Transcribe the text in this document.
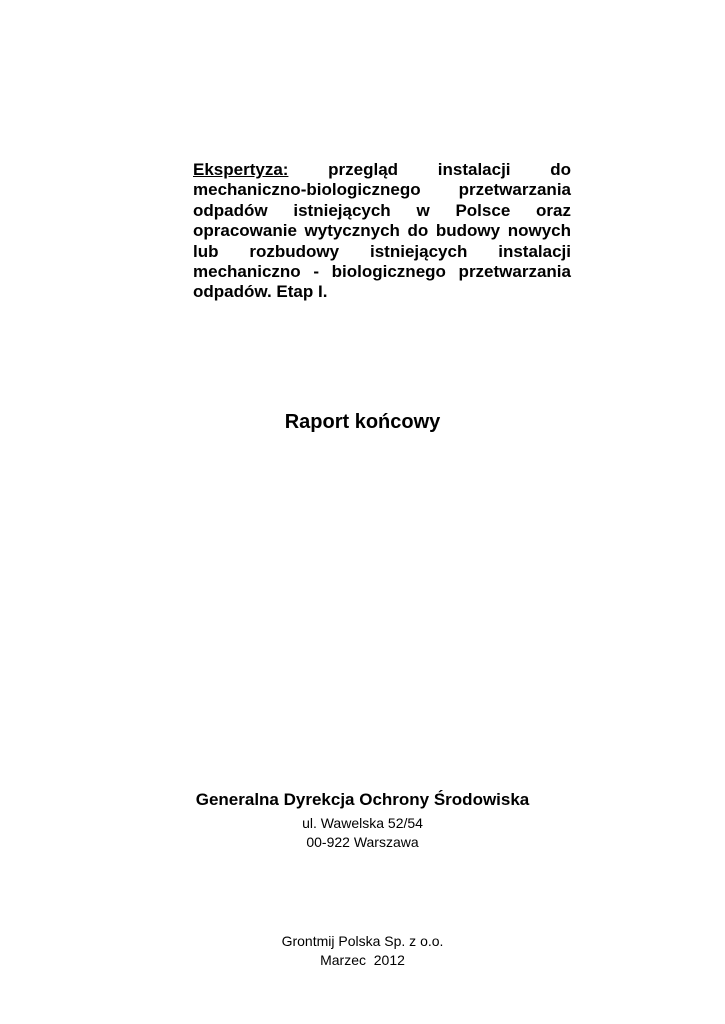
Ekspertyza: przegląd instalacji do
mechaniczno-biologicznego przetwarzania
odpadów istniejących w Polsce oraz
opracowanie wytycznych do budowy nowych
lub rozbudowy istniejących instalacji
mechaniczno - biologicznego przetwarzania
odpadów. Etap I.
Raport końcowy
Generalna Dyrekcja Ochrony Środowiska
ul. Wawelska 52/54
00-922 Warszawa
Grontmij Polska Sp. z o.o.
Marzec  2012
